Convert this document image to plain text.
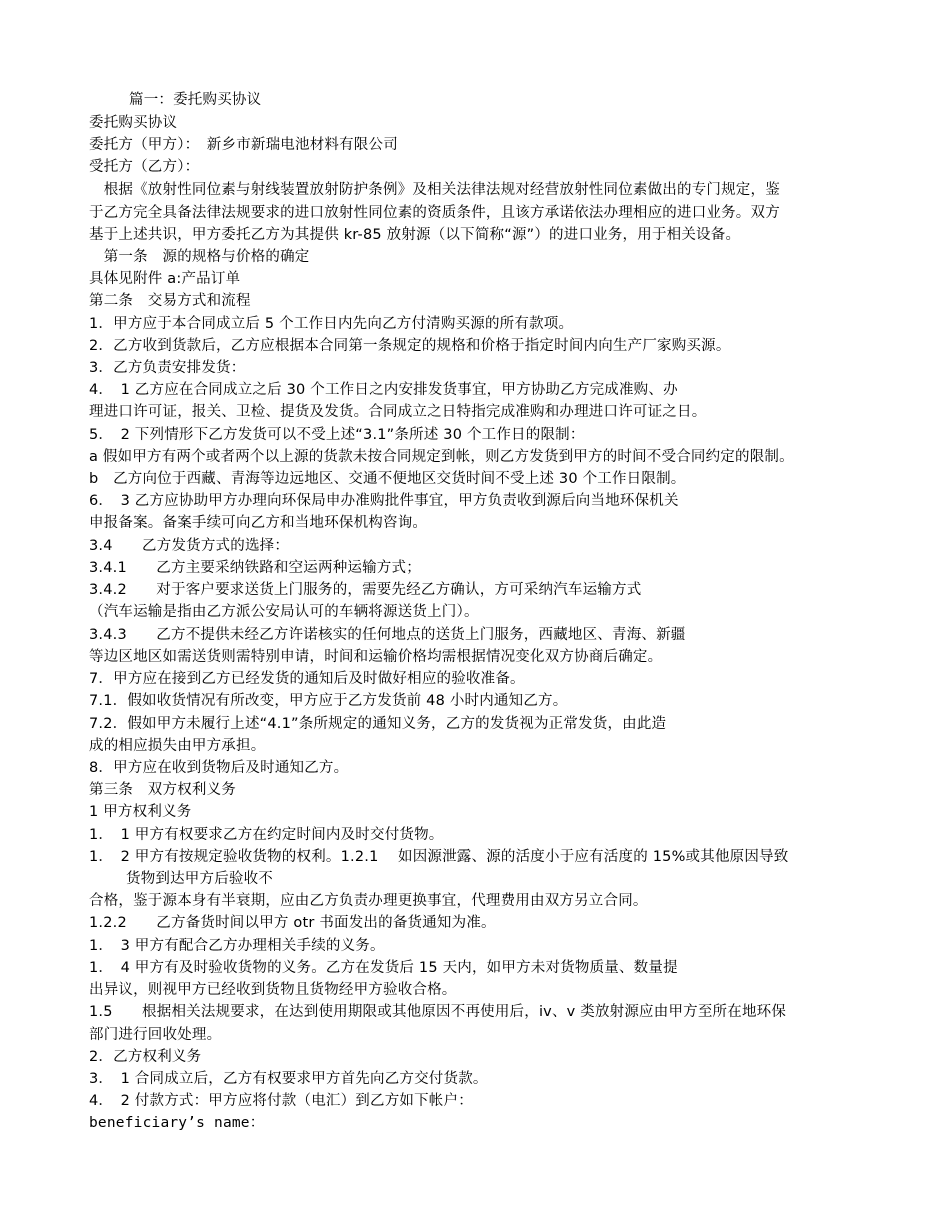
篇一：委托购买协议
委托购买协议
委托方（甲方）：　新乡市新瑞电池材料有限公司
受托方（乙方）：
　根据《放射性同位素与射线装置放射防护条例》及相关法律法规对经营放射性同位素做出的专门规定，鉴
于乙方完全具备法律法规要求的进口放射性同位素的资质条件，且该方承诺依法办理相应的进口业务。双方
基于上述共识，甲方委托乙方为其提供 kr-85 放射源（以下简称“源”）的进口业务，用于相关设备。
　第一条　源的规格与价格的确定
具体见附件 a:产品订单
第二条　交易方式和流程
1．甲方应于本合同成立后 5 个工作日内先向乙方付清购买源的所有款项。
2．乙方收到货款后，乙方应根据本合同第一条规定的规格和价格于指定时间内向生产厂家购买源。
3．乙方负责安排发货：
4．　1 乙方应在合同成立之后 30 个工作日之内安排发货事宜，甲方协助乙方完成准购、办
理进口许可证，报关、卫检、提货及发货。合同成立之日特指完成准购和办理进口许可证之日。
5．　2 下列情形下乙方发货可以不受上述“3.1”条所述 30 个工作日的限制：
a 假如甲方有两个或者两个以上源的货款未按合同规定到帐，则乙方发货到甲方的时间不受合同约定的限制。
b　乙方向位于西藏、青海等边远地区、交通不便地区交货时间不受上述 30 个工作日限制。
6．　3 乙方应协助甲方办理向环保局申办准购批件事宜，甲方负责收到源后向当地环保机关
申报备案。备案手续可向乙方和当地环保机构咨询。
3.4　　乙方发货方式的选择：
3.4.1　　乙方主要采纳铁路和空运两种运输方式；
3.4.2　　对于客户要求送货上门服务的，需要先经乙方确认，方可采纳汽车运输方式
（汽车运输是指由乙方派公安局认可的车辆将源送货上门）。
3.4.3　　乙方不提供未经乙方许诺核实的任何地点的送货上门服务，西藏地区、青海、新疆
等边区地区如需送货则需特别申请，时间和运输价格均需根据情况变化双方协商后确定。
7．甲方应在接到乙方已经发货的通知后及时做好相应的验收准备。
7.1．假如收货情况有所改变，甲方应于乙方发货前 48 小时内通知乙方。
7.2．假如甲方未履行上述“4.1”条所规定的通知义务，乙方的发货视为正常发货，由此造
成的相应损失由甲方承担。
8．甲方应在收到货物后及时通知乙方。
第三条　双方权利义务
1 甲方权利义务
1．　1 甲方有权要求乙方在约定时间内及时交付货物。
1．　2 甲方有按规定验收货物的权利。1.2.1　 如因源泄露、源的活度小于应有活度的 15%或其他原因导致
货物到达甲方后验收不
合格，鉴于源本身有半衰期，应由乙方负责办理更换事宜，代理费用由双方另立合同。
1.2.2　　乙方备货时间以甲方 otr 书面发出的备货通知为准。
1．　3 甲方有配合乙方办理相关手续的义务。
1．　4 甲方有及时验收货物的义务。乙方在发货后 15 天内，如甲方未对货物质量、数量提
出异议，则视甲方已经收到货物且货物经甲方验收合格。
1.5　　根据相关法规要求，在达到使用期限或其他原因不再使用后，iv、v 类放射源应由甲方至所在地环保
部门进行回收处理。
2．乙方权利义务
3．　1 合同成立后，乙方有权要求甲方首先向乙方交付货款。
4．　2 付款方式：甲方应将付款（电汇）到乙方如下帐户：
beneficiary’s name：
